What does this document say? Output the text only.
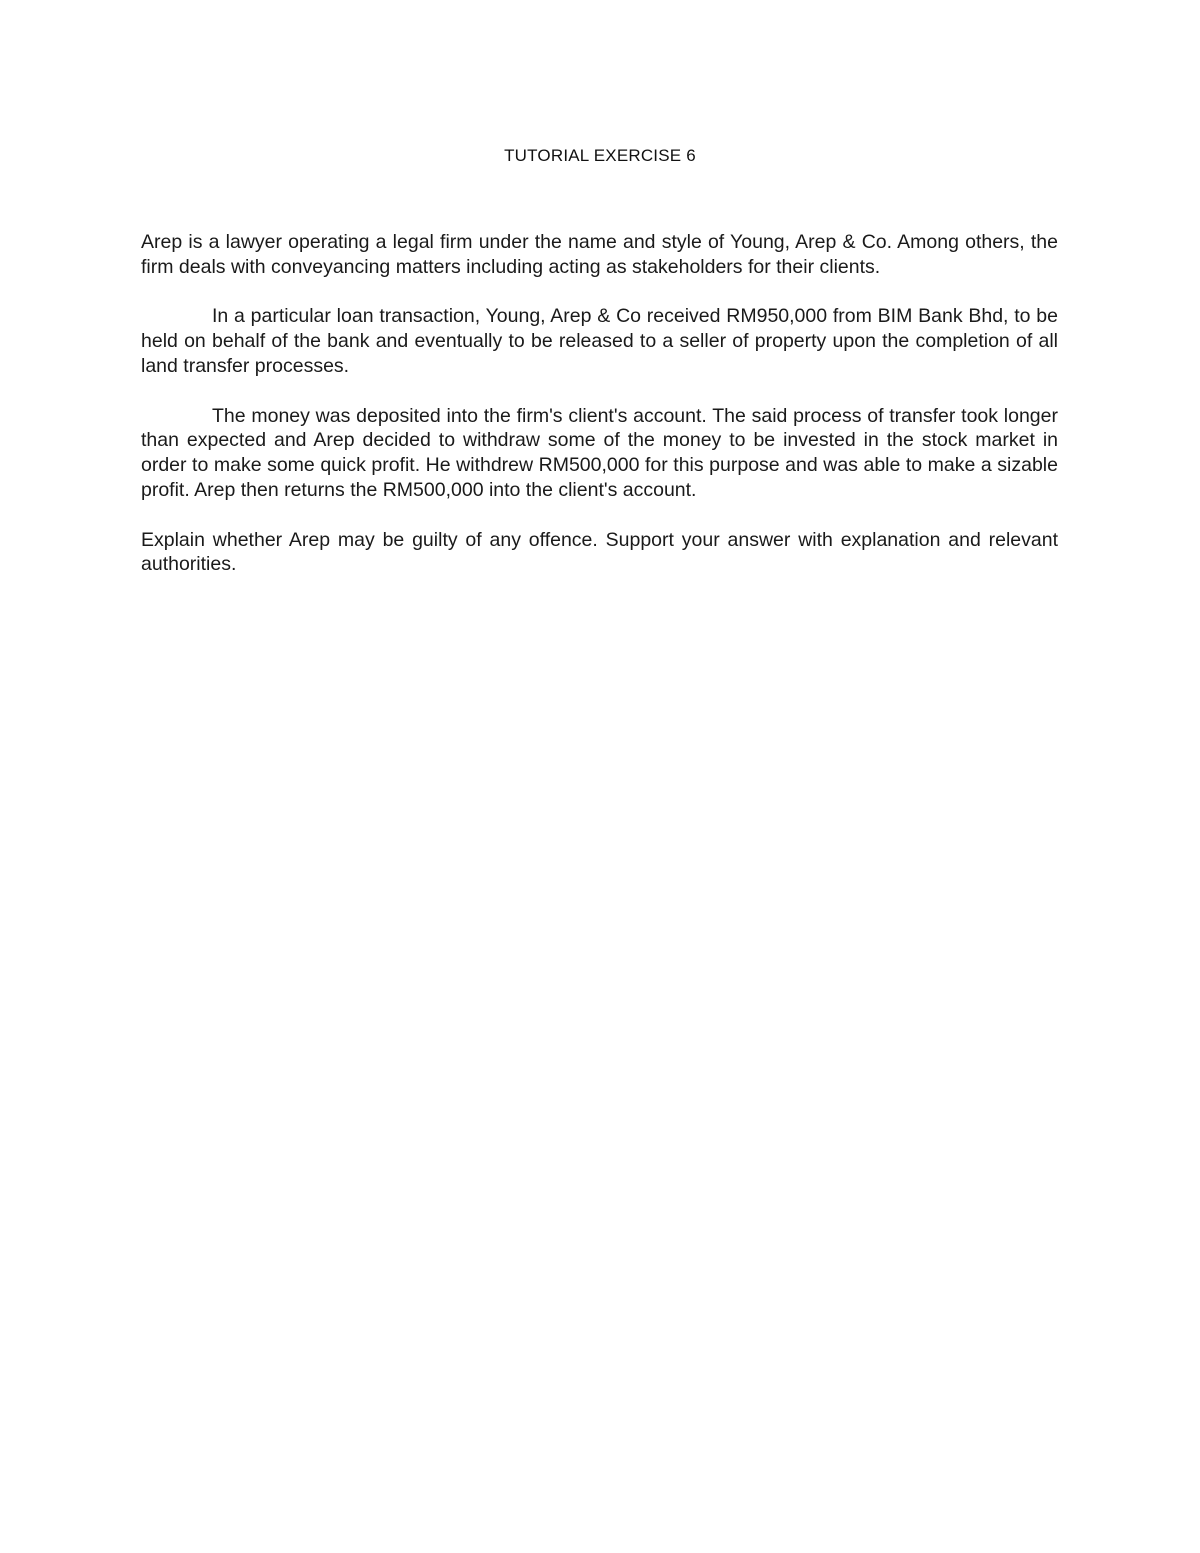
TUTORIAL EXERCISE 6

Arep is a lawyer operating a legal firm under the name and style of Young, Arep & Co. Among others, the firm deals with conveyancing matters including acting as stakeholders for their clients.

In a particular loan transaction, Young, Arep & Co received RM950,000 from BIM Bank Bhd, to be held on behalf of the bank and eventually to be released to a seller of property upon the completion of all land transfer processes.

The money was deposited into the firm's client's account. The said process of transfer took longer than expected and Arep decided to withdraw some of the money to be invested in the stock market in order to make some quick profit. He withdrew RM500,000 for this purpose and was able to make a sizable profit. Arep then returns the RM500,000 into the client's account.

Explain whether Arep may be guilty of any offence. Support your answer with explanation and relevant authorities.
